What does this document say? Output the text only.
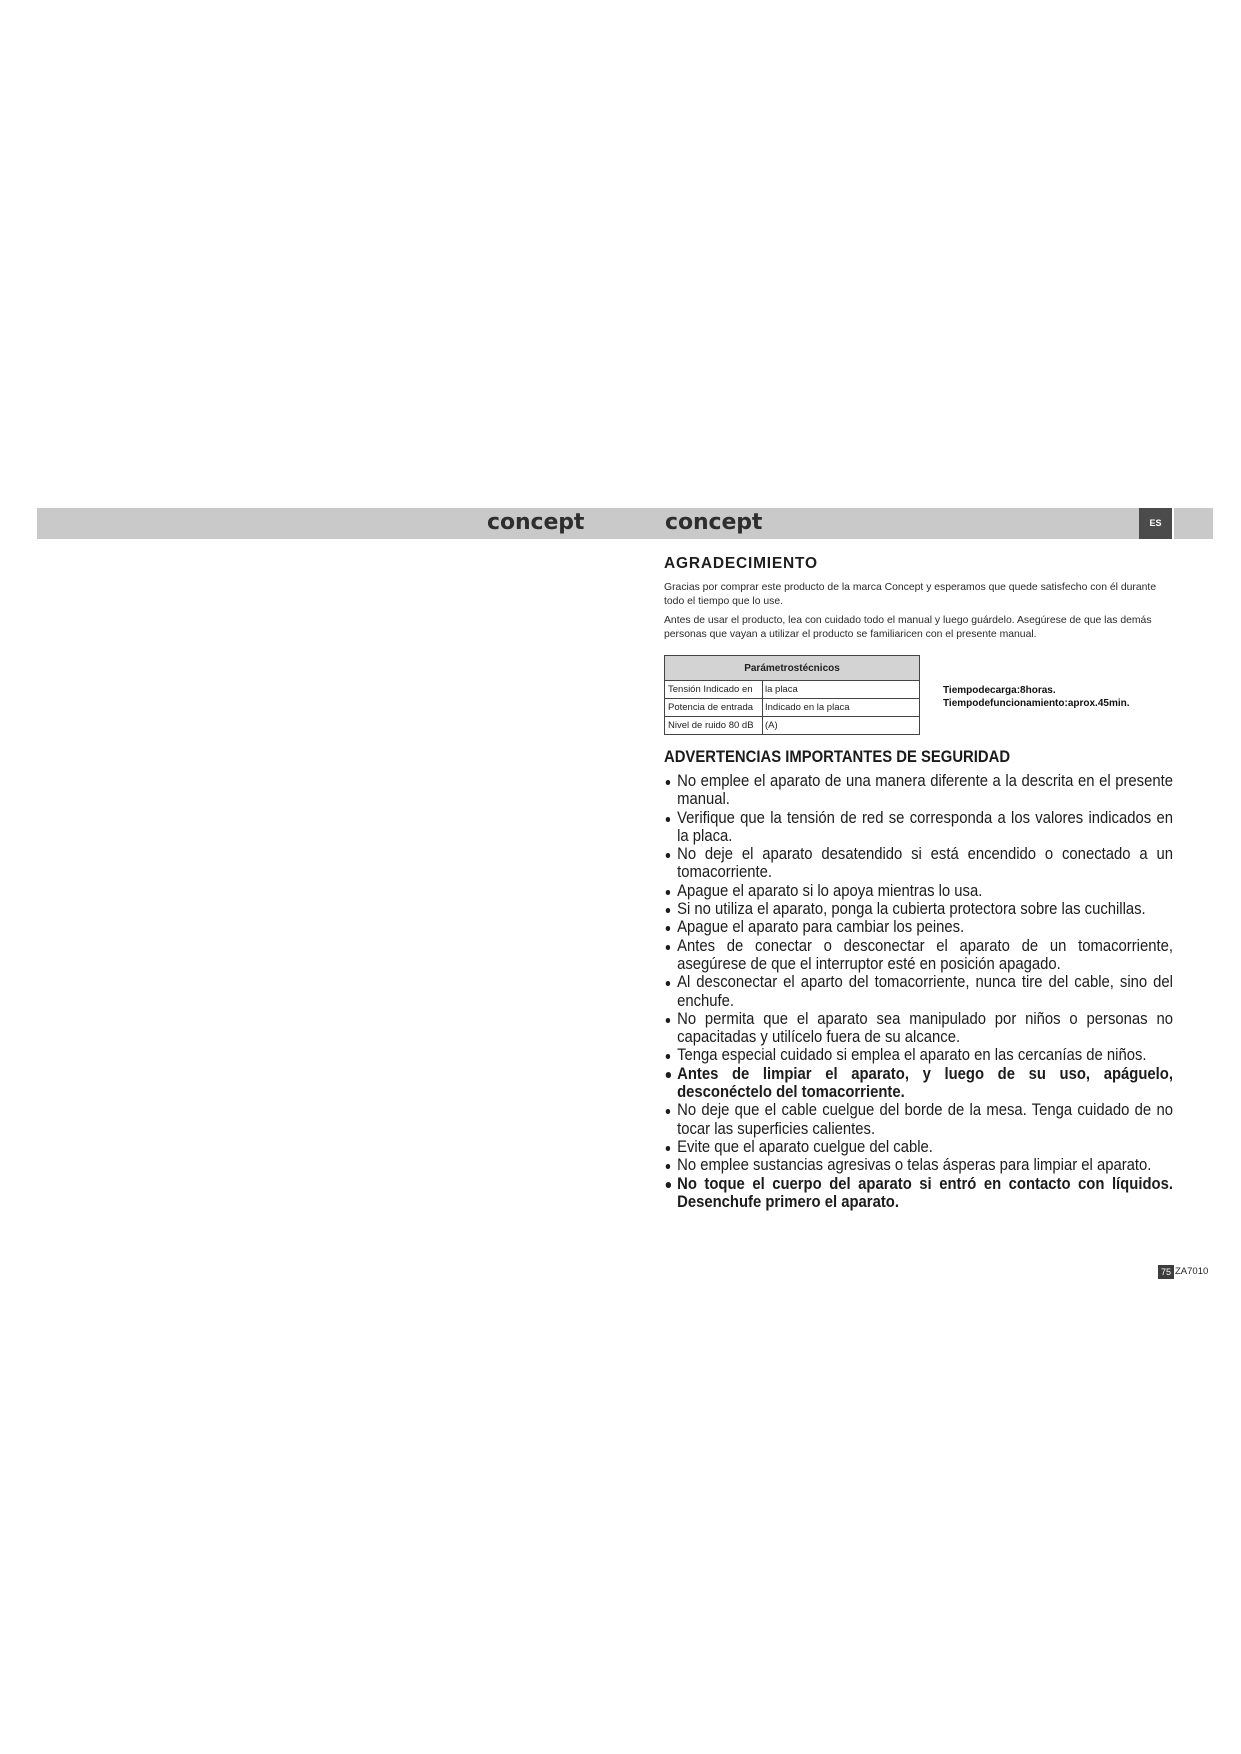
concept	concept	ES
AGRADECIMIENTO
Gracias por comprar este producto de la marca Concept y esperamos que quede satisfecho con él durante
todo el tiempo que lo use.
Antes de usar el producto, lea con cuidado todo el manual y luego guárdelo. Asegúrese de que las demás
personas que vayan a utilizar el producto se familiaricen con el presente manual.
Parámetrostécnicos	
Tensión Indicado en	la placa
Potencia de entrada	Indicado en la placa
Nivel de ruido 80 dB	(A)
Tiempodecarga:8horas.
Tiempodefuncionamiento:aprox.45min.
ADVERTENCIAS IMPORTANTES DE SEGURIDAD
No emplee el aparato de una manera diferente a la descrita en el presente
manual.
Verifique que la tensión de red se corresponda a los valores indicados en
la placa.
No deje el aparato desatendido si está encendido o conectado a un
tomacorriente.
Apague el aparato si lo apoya mientras lo usa.
Si no utiliza el aparato, ponga la cubierta protectora sobre las cuchillas.
Apague el aparato para cambiar los peines.
Antes de conectar o desconectar el aparato de un tomacorriente,
asegúrese de que el interruptor esté en posición apagado.
Al desconectar el aparto del tomacorriente, nunca tire del cable, sino del
enchufe.
No permita que el aparato sea manipulado por niños o personas no
capacitadas y utilícelo fuera de su alcance.
Tenga especial cuidado si emplea el aparato en las cercanías de niños.
Antes de limpiar el aparato, y luego de su uso, apáguelo,
desconéctelo del tomacorriente.
No deje que el cable cuelgue del borde de la mesa. Tenga cuidado de no
tocar las superficies calientes.
Evite que el aparato cuelgue del cable.
No emplee sustancias agresivas o telas ásperas para limpiar el aparato.
No toque el cuerpo del aparato si entró en contacto con líquidos.
Desenchufe primero el aparato.
75 ZA7010
